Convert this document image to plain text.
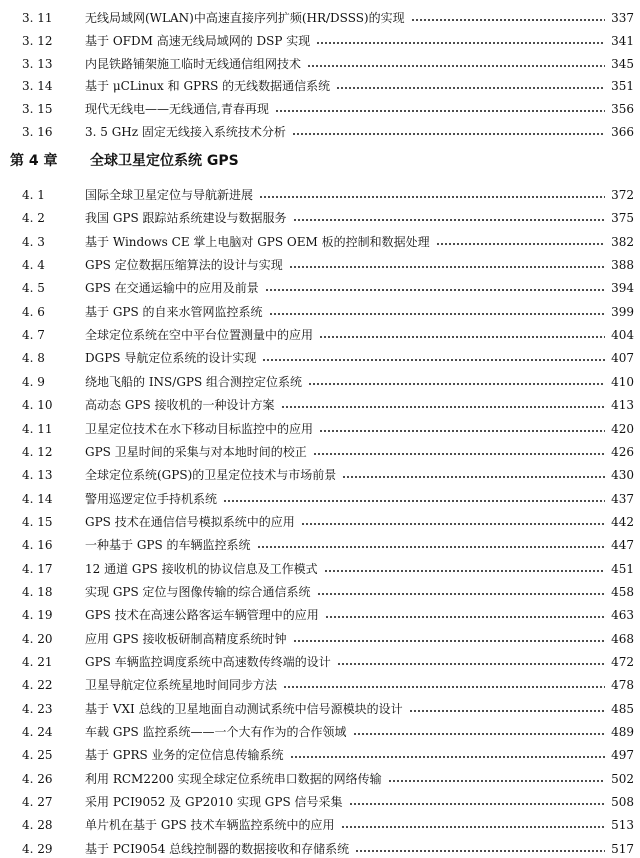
3. 11	无线局域网(WLAN)中高速直接序列扩频(HR/DSSS)的实现	337
3. 12	基于 OFDM 高速无线局域网的 DSP 实现	341
3. 13	内昆铁路铺架施工临时无线通信组网技术	345
3. 14	基于 μCLinux 和 GPRS 的无线数据通信系统	351
3. 15	现代无线电——无线通信,青春再现	356
3. 16	3. 5 GHz 固定无线接入系统技术分析	366
第 4 章 全球卫星定位系统 GPS
4. 1	国际全球卫星定位与导航新进展	372
4. 2	我国 GPS 跟踪站系统建设与数据服务	375
4. 3	基于 Windows CE 掌上电脑对 GPS OEM 板的控制和数据处理	382
4. 4	GPS 定位数据压缩算法的设计与实现	388
4. 5	GPS 在交通运输中的应用及前景	394
4. 6	基于 GPS 的自来水管网监控系统	399
4. 7	全球定位系统在空中平台位置测量中的应用	404
4. 8	DGPS 导航定位系统的设计实现	407
4. 9	绕地飞船的 INS/GPS 组合测控定位系统	410
4. 10	高动态 GPS 接收机的一种设计方案	413
4. 11	卫星定位技术在水下移动目标监控中的应用	420
4. 12	GPS 卫星时间的采集与对本地时间的校正	426
4. 13	全球定位系统(GPS)的卫星定位技术与市场前景	430
4. 14	警用巡逻定位手持机系统	437
4. 15	GPS 技术在通信信号模拟系统中的应用	442
4. 16	一种基于 GPS 的车辆监控系统	447
4. 17	12 通道 GPS 接收机的协议信息及工作模式	451
4. 18	实现 GPS 定位与图像传输的综合通信系统	458
4. 19	GPS 技术在高速公路客运车辆管理中的应用	463
4. 20	应用 GPS 接收板研制高精度系统时钟	468
4. 21	GPS 车辆监控调度系统中高速数传终端的设计	472
4. 22	卫星导航定位系统星地时间同步方法	478
4. 23	基于 VXI 总线的卫星地面自动测试系统中信号源模块的设计	485
4. 24	车载 GPS 监控系统——一个大有作为的合作领域	489
4. 25	基于 GPRS 业务的定位信息传输系统	497
4. 26	利用 RCM2200 实现全球定位系统串口数据的网络传输	502
4. 27	采用 PCI9052 及 GP2010 实现 GPS 信号采集	508
4. 28	单片机在基于 GPS 技术车辆监控系统中的应用	513
4. 29	基于 PCI9054 总线控制器的数据接收和存储系统	517
